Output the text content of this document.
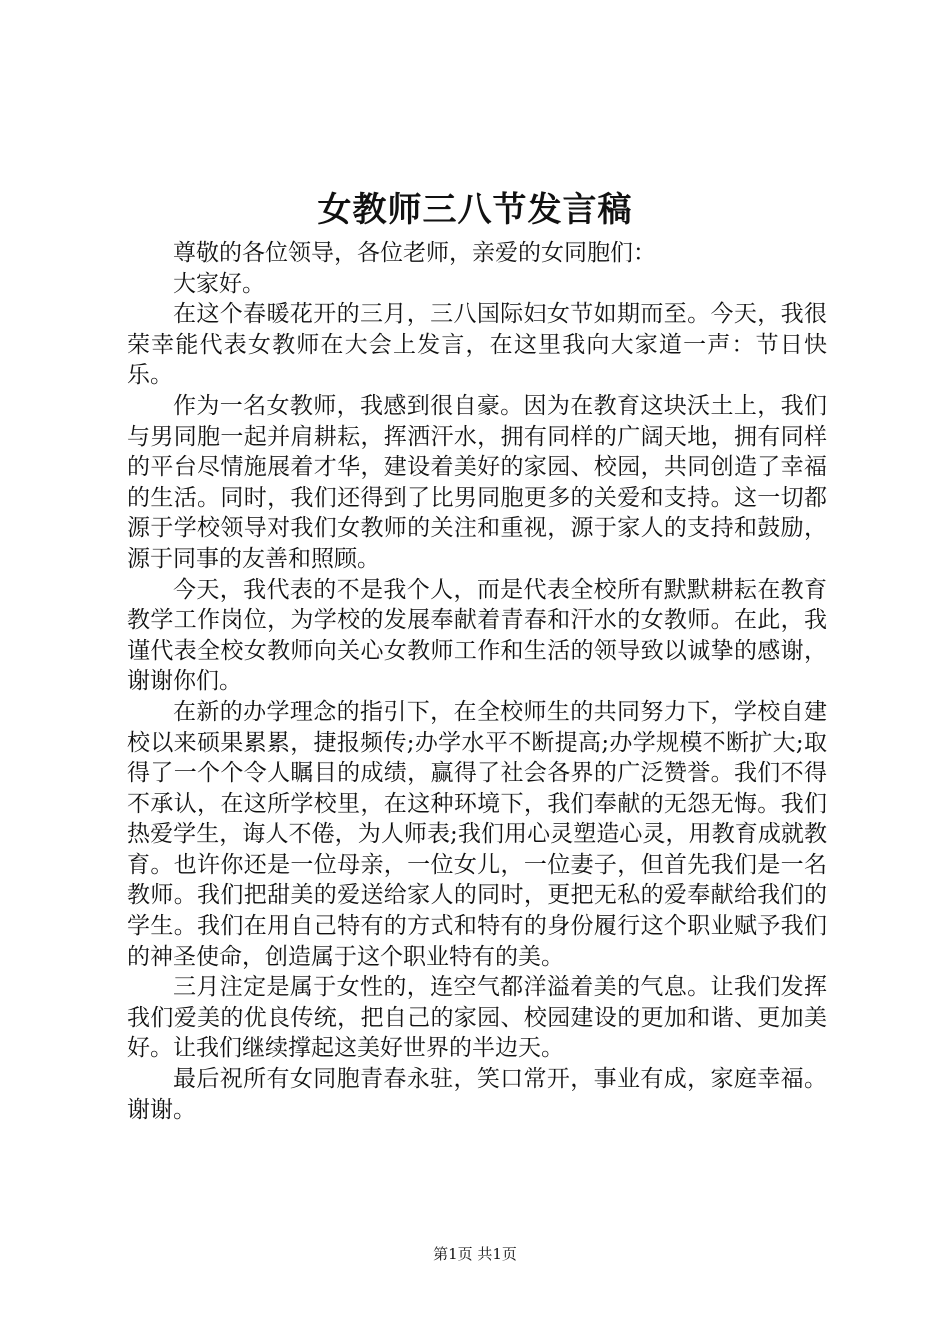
女教师三八节发言稿

尊敬的各位领导，各位老师，亲爱的女同胞们：

大家好。

在这个春暖花开的三月，三八国际妇女节如期而至。今天，我很荣幸能代表女教师在大会上发言，在这里我向大家道一声：节日快乐。

作为一名女教师，我感到很自豪。因为在教育这块沃土上，我们与男同胞一起并肩耕耘，挥洒汗水，拥有同样的广阔天地，拥有同样的平台尽情施展着才华，建设着美好的家园、校园，共同创造了幸福的生活。同时，我们还得到了比男同胞更多的关爱和支持。这一切都源于学校领导对我们女教师的关注和重视，源于家人的支持和鼓励，源于同事的友善和照顾。

今天，我代表的不是我个人，而是代表全校所有默默耕耘在教育教学工作岗位，为学校的发展奉献着青春和汗水的女教师。在此，我谨代表全校女教师向关心女教师工作和生活的领导致以诚挚的感谢，谢谢你们。

在新的办学理念的指引下，在全校师生的共同努力下，学校自建校以来硕果累累，捷报频传;办学水平不断提高;办学规模不断扩大;取得了一个个令人瞩目的成绩，赢得了社会各界的广泛赞誉。我们不得不承认，在这所学校里，在这种环境下，我们奉献的无怨无悔。我们热爱学生，诲人不倦，为人师表;我们用心灵塑造心灵，用教育成就教育。也许你还是一位母亲，一位女儿，一位妻子，但首先我们是一名教师。我们把甜美的爱送给家人的同时，更把无私的爱奉献给我们的学生。我们在用自己特有的方式和特有的身份履行这个职业赋予我们的神圣使命，创造属于这个职业特有的美。

三月注定是属于女性的，连空气都洋溢着美的气息。让我们发挥我们爱美的优良传统，把自己的家园、校园建设的更加和谐、更加美好。让我们继续撑起这美好世界的半边天。

最后祝所有女同胞青春永驻，笑口常开，事业有成，家庭幸福。谢谢。

第1页 共1页
